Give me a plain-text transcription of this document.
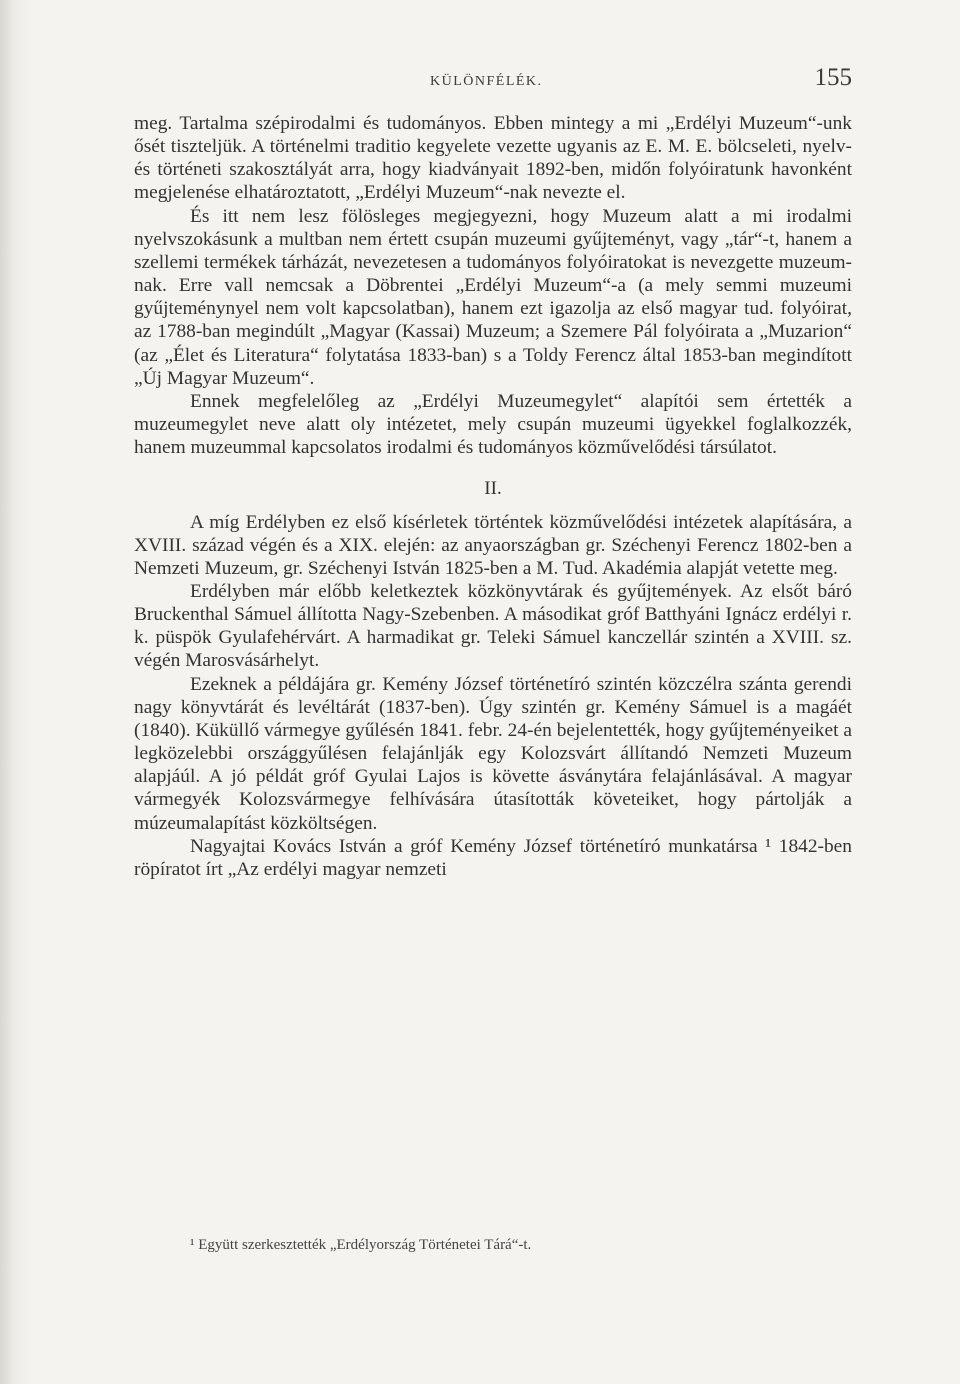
KÜLÖNFÉLÉK.	155

meg. Tartalma szépirodalmi és tudományos. Ebben mintegy a mi „Erdélyi Muzeum“-unk ősét tiszteljük. A történelmi traditio kegyelete vezette ugyanis az E. M. E. bölcseleti, nyelv- és történeti szakosztályát arra, hogy kiadványait 1892-ben, midőn folyóiratunk havonként megjelenése elhatároztatott, „Erdélyi Muzeum“-nak nevezte el.

És itt nem lesz fölösleges megjegyezni, hogy Muzeum alatt a mi irodalmi nyelvszokásunk a multban nem értett csupán muzeumi gyűjteményt, vagy „tár“-t, hanem a szellemi termékek tárházát, nevezetesen a tudományos folyóiratokat is nevezgette muzeum-nak. Erre vall nemcsak a Döbrentei „Erdélyi Muzeum“-a (a mely semmi muzeumi gyűjteménynyel nem volt kapcsolatban), hanem ezt igazolja az első magyar tud. folyóirat, az 1788-ban megindúlt „Magyar (Kassai) Muzeum; a Szemere Pál folyóirata a „Muzarion“ (az „Élet és Literatura“ folytatása 1833-ban) s a Toldy Ferencz által 1853-ban megindított „Új Magyar Muzeum“.

Ennek megfelelőleg az „Erdélyi Muzeumegylet“ alapítói sem értették a muzeumegylet neve alatt oly intézetet, mely csupán muzeumi ügyekkel foglalkozzék, hanem muzeummal kapcsolatos irodalmi és tudományos közművelődési társúlatot.

II.

A míg Erdélyben ez első kísérletek történtek közművelődési intézetek alapítására, a XVIII. század végén és a XIX. elején: az anyaországban gr. Széchenyi Ferencz 1802-ben a Nemzeti Muzeum, gr. Széchenyi István 1825-ben a M. Tud. Akadémia alapját vetette meg.

Erdélyben már előbb keletkeztek közkönyvtárak és gyűjtemények. Az elsőt báró Bruckenthal Sámuel állította Nagy-Szebenben. A másodikat gróf Batthyáni Ignácz erdélyi r. k. püspök Gyulafehérvárt. A harmadikat gr. Teleki Sámuel kanczellár szintén a XVIII. sz. végén Marosvásárhelyt.

Ezeknek a példájára gr. Kemény József történetíró szintén közczélra szánta gerendi nagy könyvtárát és levéltárát (1837-ben). Úgy szintén gr. Kemény Sámuel is a magáét (1840). Küküllő vármegye gyűlésén 1841. febr. 24-én bejelentették, hogy gyűjteményeiket a legközelebbi országgyűlésen felajánlják egy Kolozsvárt állítandó Nemzeti Muzeum alapjáúl. A jó példát gróf Gyulai Lajos is követte ásványtára felajánlásával. A magyar vármegyék Kolozsvármegye felhívására útasították követeiket, hogy pártolják a múzeumalapítást közköltségen.

Nagyajtai Kovács István a gróf Kemény József történetíró munkatársa ¹ 1842-ben röpíratot írt „Az erdélyi magyar nemzeti

¹ Együtt szerkesztették „Erdélyország Történetei Tárá“-t.
